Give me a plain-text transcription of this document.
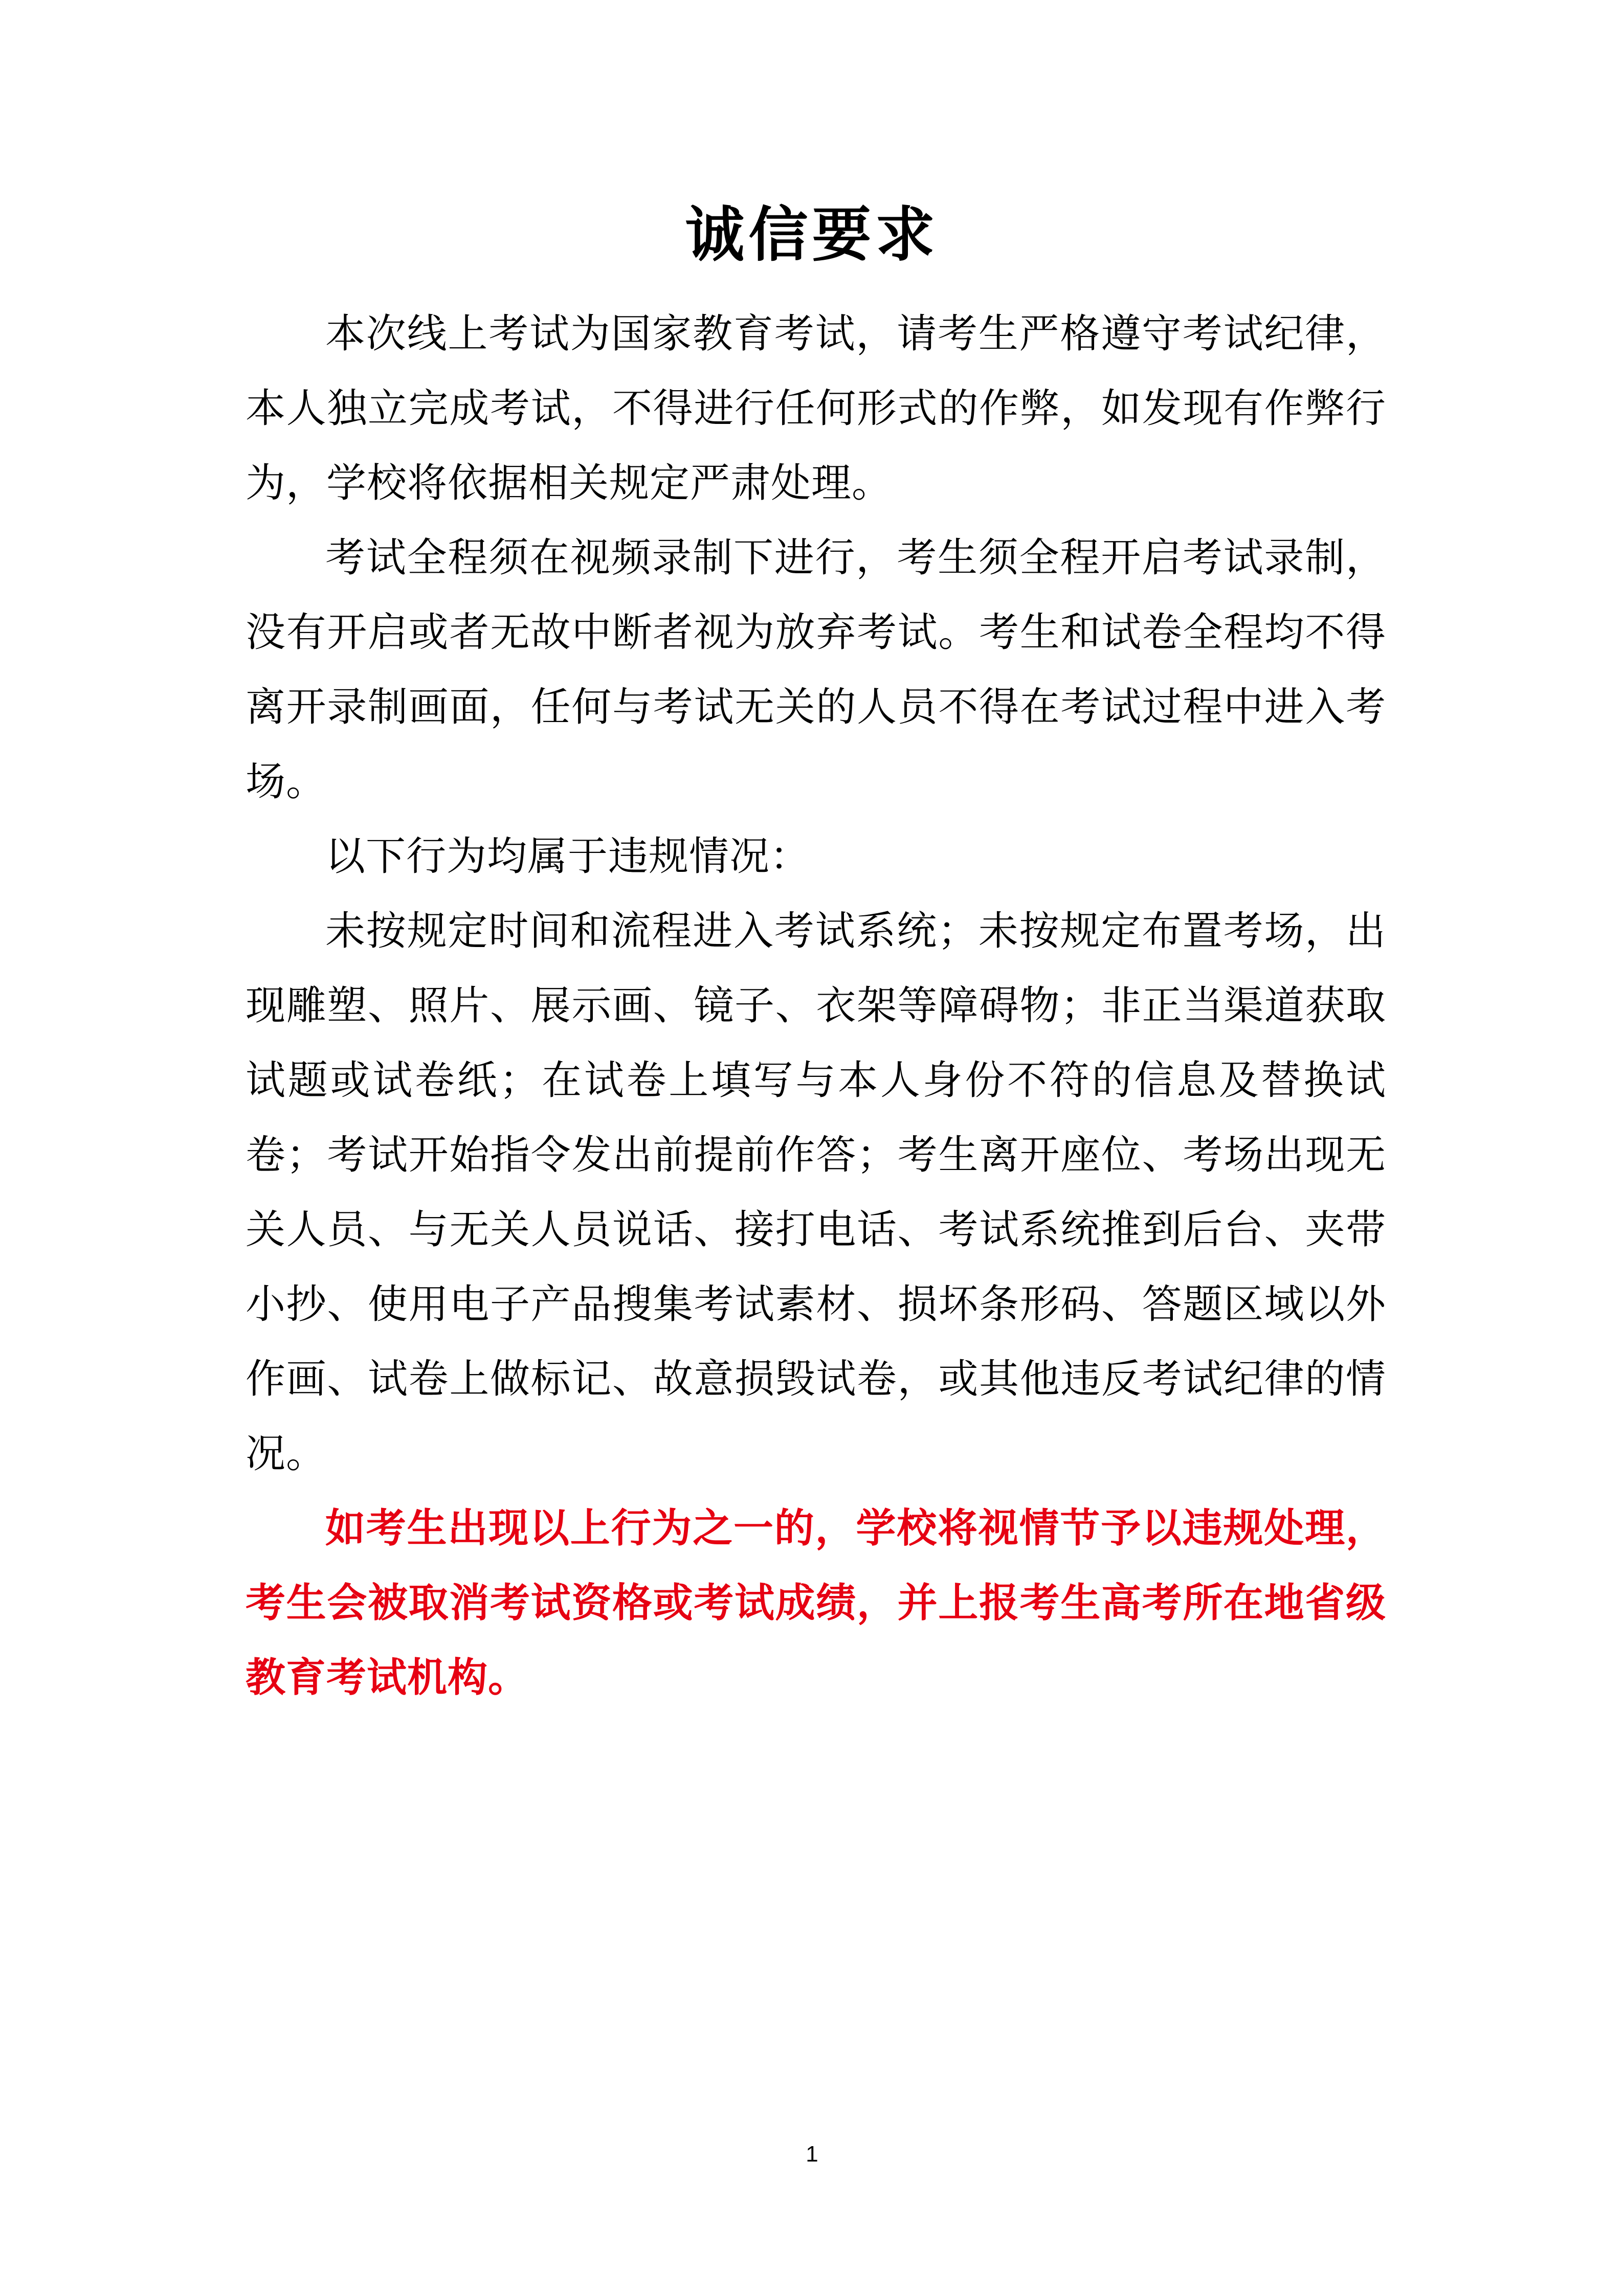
诚信要求

本次线上考试为国家教育考试，请考生严格遵守考试纪律，本人独立完成考试，不得进行任何形式的作弊，如发现有作弊行为，学校将依据相关规定严肃处理。

考试全程须在视频录制下进行，考生须全程开启考试录制，没有开启或者无故中断者视为放弃考试。考生和试卷全程均不得离开录制画面，任何与考试无关的人员不得在考试过程中进入考场。

以下行为均属于违规情况：

未按规定时间和流程进入考试系统；未按规定布置考场，出现雕塑、照片、展示画、镜子、衣架等障碍物；非正当渠道获取试题或试卷纸；在试卷上填写与本人身份不符的信息及替换试卷；考试开始指令发出前提前作答；考生离开座位、考场出现无关人员、与无关人员说话、接打电话、考试系统推到后台、夹带小抄、使用电子产品搜集考试素材、损坏条形码、答题区域以外作画、试卷上做标记、故意损毁试卷，或其他违反考试纪律的情况。

如考生出现以上行为之一的，学校将视情节予以违规处理，考生会被取消考试资格或考试成绩，并上报考生高考所在地省级教育考试机构。

1
